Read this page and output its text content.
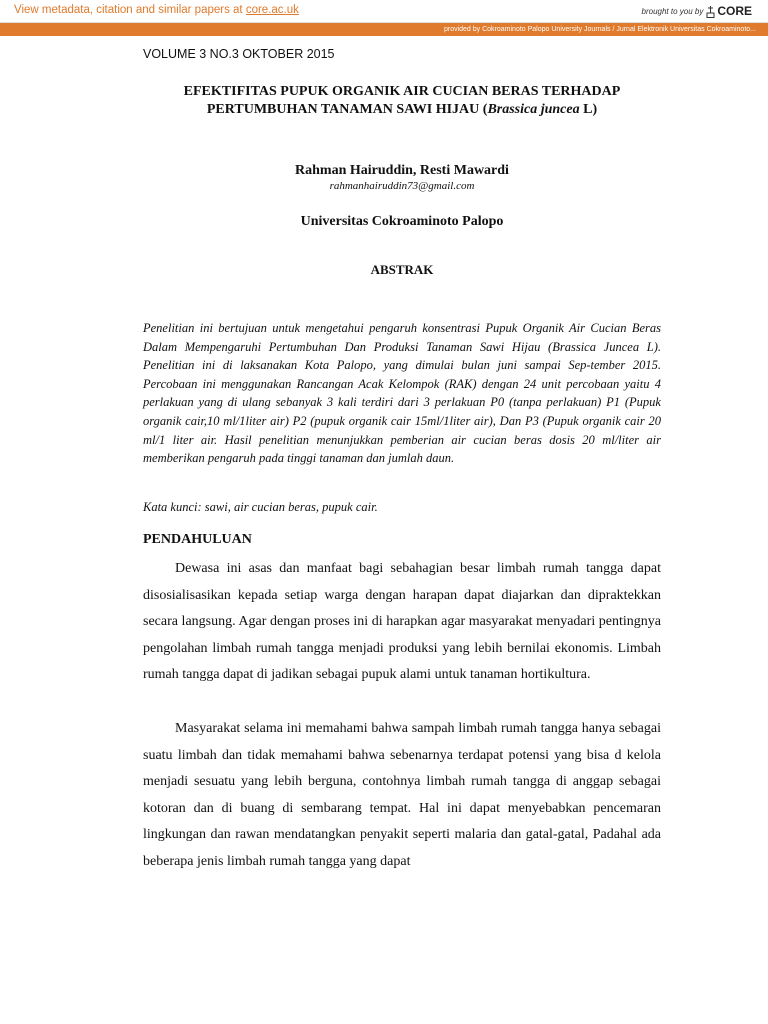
View metadata, citation and similar papers at core.ac.uk	brought to you by CORE
provided by Cokroaminoto Palopo University Journals / Jurnal Elektronik Universitas Cokroaminoto...
VOLUME 3 NO.3 OKTOBER 2015
EFEKTIFITAS PUPUK ORGANIK AIR CUCIAN BERAS TERHADAP
PERTUMBUHAN TANAMAN SAWI HIJAU (Brassica juncea L)
Rahman Hairuddin, Resti Mawardi
rahmanhairuddin73@gmail.com
Universitas Cokroaminoto Palopo
ABSTRAK

Penelitian ini bertujuan untuk mengetahui pengaruh konsentrasi Pupuk Organik Air Cucian Beras Dalam Mempengaruhi Pertumbuhan Dan Produksi Tanaman Sawi Hijau (Brassica Juncea L). Penelitian ini di laksanakan Kota Palopo, yang dimulai bulan juni sampai Sep-tember 2015. Percobaan ini menggunakan Rancangan Acak Kelompok (RAK) dengan 24 unit percobaan yaitu 4 perlakuan yang di ulang sebanyak 3 kali terdiri dari 3 perlakuan P0 (tanpa perlakuan) P1 (Pupuk organik cair,10 ml/1liter air) P2 (pupuk organik cair 15ml/1liter air), Dan P3 (Pupuk organik cair 20 ml/1 liter air. Hasil penelitian menunjukkan pemberian air cucian beras dosis 20 ml/liter air memberikan pengaruh pada tinggi tanaman dan jumlah daun.

Kata kunci: sawi, air cucian beras, pupuk cair.

PENDAHULUAN

Dewasa ini asas dan manfaat bagi sebahagian besar limbah rumah tangga dapat disosialisasikan kepada setiap warga dengan harapan dapat diajarkan dan dipraktekkan secara langsung. Agar dengan proses ini di harapkan agar masyarakat menyadari pentingnya pengolahan limbah rumah tangga menjadi produksi yang lebih bernilai ekonomis. Limbah rumah tangga dapat di jadikan sebagai pupuk alami untuk tanaman hortikultura.

Masyarakat selama ini memahami bahwa sampah limbah rumah tangga hanya sebagai suatu limbah dan tidak memahami bahwa sebenarnya terdapat potensi yang bisa d kelola menjadi sesuatu yang lebih berguna, contohnya limbah rumah tangga di anggap sebagai kotoran dan di buang di sembarang tempat. Hal ini dapat menyebabkan pencemaran lingkungan dan rawan mendatangkan penyakit seperti malaria dan gatal-gatal, Padahal ada beberapa jenis limbah rumah tangga yang dapat
